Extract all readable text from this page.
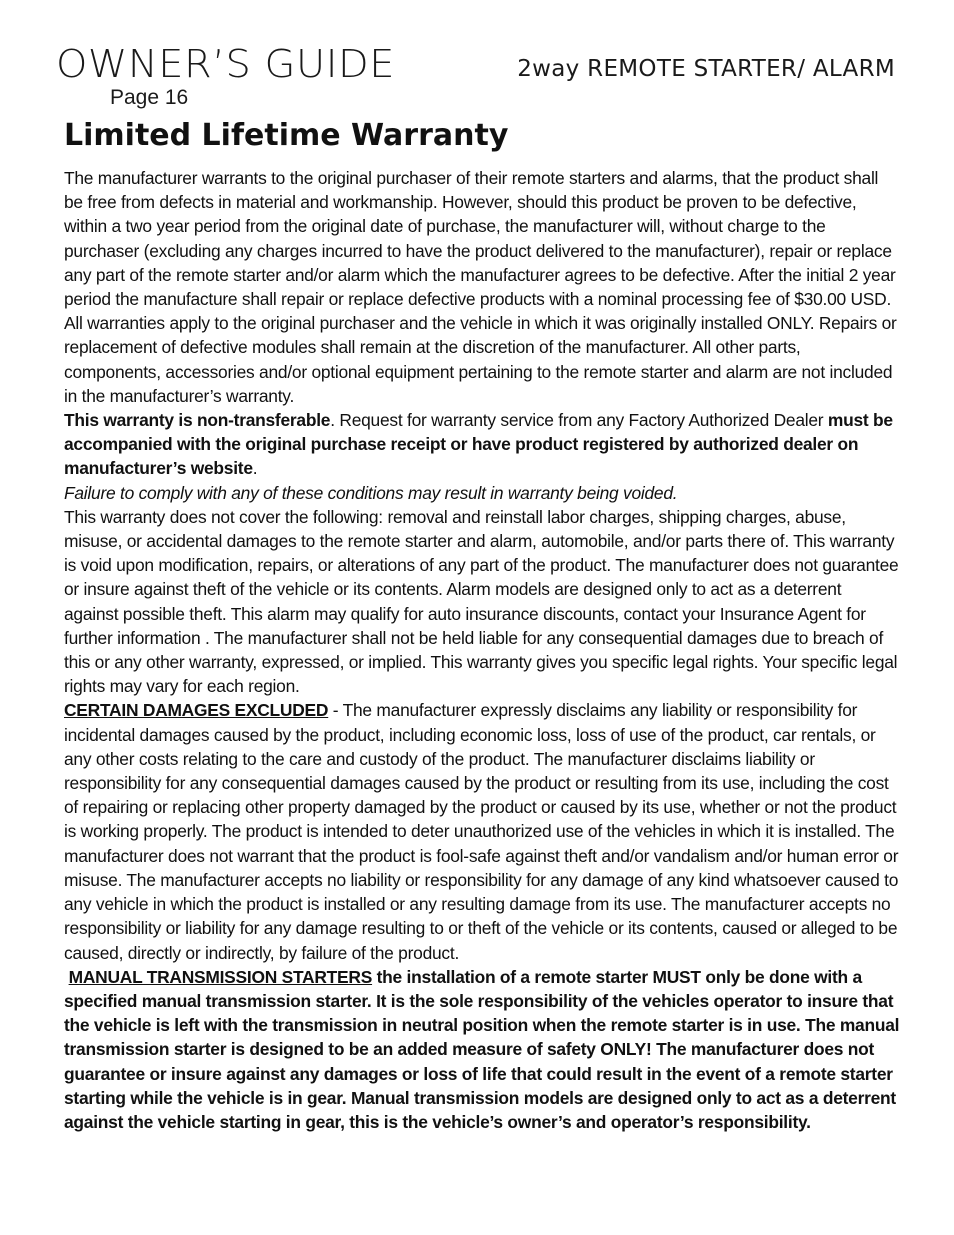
OWNER’S GUIDE	2way REMOTE STARTER/ ALARM
Page 16
Limited Lifetime Warranty

The manufacturer warrants to the original purchaser of their remote starters and alarms, that the product shall be free from defects in material and workmanship. However, should this product be proven to be defective, within a two year period from the original date of purchase, the manufacturer will, without charge to the purchaser (excluding any charges incurred to have the product delivered to the manufacturer), repair or replace any part of the remote starter and/or alarm which the manufacturer agrees to be defective. After the initial 2 year period the manufacture shall repair or replace defective products with a nominal processing fee of $30.00 USD. All warranties apply to the original purchaser and the vehicle in which it was originally installed ONLY. Repairs or replacement of defective modules shall remain at the discretion of the manufacturer. All other parts, components, accessories and/or optional equipment pertaining to the remote starter and alarm are not included in the manufacturer’s warranty.

This warranty is non-transferable. Request for warranty service from any Factory Authorized Dealer must be accompanied with the original purchase receipt or have product registered by authorized dealer on manufacturer’s website.

Failure to comply with any of these conditions may result in warranty being voided.

This warranty does not cover the following: removal and reinstall labor charges, shipping charges, abuse, misuse, or accidental damages to the remote starter and alarm, automobile, and/or parts there of. This warranty is void upon modification, repairs, or alterations of any part of the product. The manufacturer does not guarantee or insure against theft of the vehicle or its contents. Alarm models are designed only to act as a deterrent against possible theft. This alarm may qualify for auto insurance discounts, contact your Insurance Agent for further information . The manufacturer shall not be held liable for any consequential damages due to breach of this or any other warranty, expressed, or implied. This warranty gives you specific legal rights. Your specific legal rights may vary for each region.

CERTAIN DAMAGES EXCLUDED - The manufacturer expressly disclaims any liability or responsibility for incidental damages caused by the product, including economic loss, loss of use of the product, car rentals, or any other costs relating to the care and custody of the product. The manufacturer disclaims liability or responsibility for any consequential damages caused by the product or resulting from its use, including the cost of repairing or replacing other property damaged by the product or caused by its use, whether or not the product is working properly. The product is intended to deter unauthorized use of the vehicles in which it is installed. The manufacturer does not warrant that the product is fool-safe against theft and/or vandalism and/or human error or misuse. The manufacturer accepts no liability or responsibility for any damage of any kind whatsoever caused to any vehicle in which the product is installed or any resulting damage from its use. The manufacturer accepts no responsibility or liability for any damage resulting to or theft of the vehicle or its contents, caused or alleged to be caused, directly or indirectly, by failure of the product.

MANUAL TRANSMISSION STARTERS the installation of a remote starter MUST only be done with a specified manual transmission starter. It is the sole responsibility of the vehicles operator to insure that the vehicle is left with the transmission in neutral position when the remote starter is in use. The manual transmission starter is designed to be an added measure of safety ONLY! The manufacturer does not guarantee or insure against any damages or loss of life that could result in the event of a remote starter starting while the vehicle is in gear. Manual transmission models are designed only to act as a deterrent against the vehicle starting in gear, this is the vehicle’s owner’s and operator’s responsibility.
